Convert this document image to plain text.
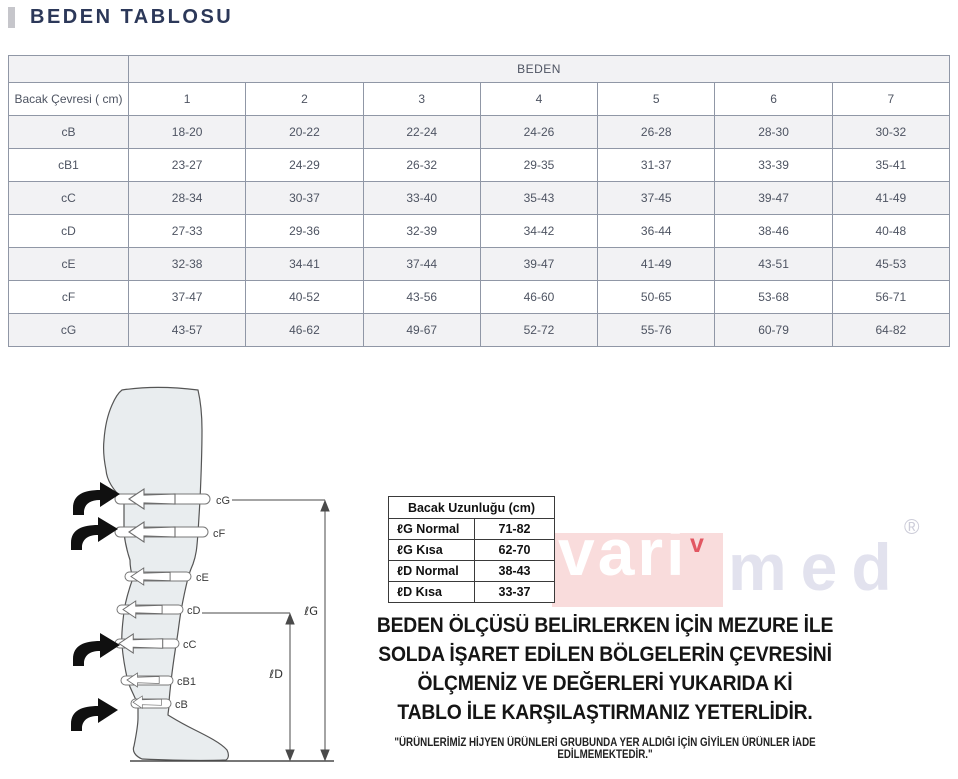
BEDEN TABLOSU
	BEDEN						
Bacak Çevresi ( cm)	1	2	3	4	5	6	7
cB	18-20	20-22	22-24	24-26	26-28	28-30	30-32
cB1	23-27	24-29	26-32	29-35	31-37	33-39	35-41
cC	28-34	30-37	33-40	35-43	37-45	39-47	41-49
cD	27-33	29-36	32-39	34-42	36-44	38-46	40-48
cE	32-38	34-41	37-44	39-47	41-49	43-51	45-53
cF	37-47	40-52	43-56	46-60	50-65	53-68	56-71
cG	43-57	46-62	49-67	52-72	55-76	60-79	64-82
cG
cF
cE
cD
cC
cB1
cB
ℓG
ℓD
vari v med
®
Bacak Uzunluğu (cm)	
ℓG Normal	71-82
ℓG Kısa	62-70
ℓD Normal	38-43
ℓD Kısa	33-37
BEDEN ÖLÇÜSÜ BELİRLERKEN İÇİN MEZURE İLE
SOLDA İŞARET EDİLEN BÖLGELERİN ÇEVRESİNİ
ÖLÇMENİZ VE DEĞERLERİ YUKARIDA Kİ
TABLO İLE KARŞILAŞTIRMANIZ YETERLİDİR.
"ÜRÜNLERİMİZ HİJYEN ÜRÜNLERİ GRUBUNDA YER ALDIĞI İÇİN GİYİLEN ÜRÜNLER İADE EDİLMEMEKTEDİR."
